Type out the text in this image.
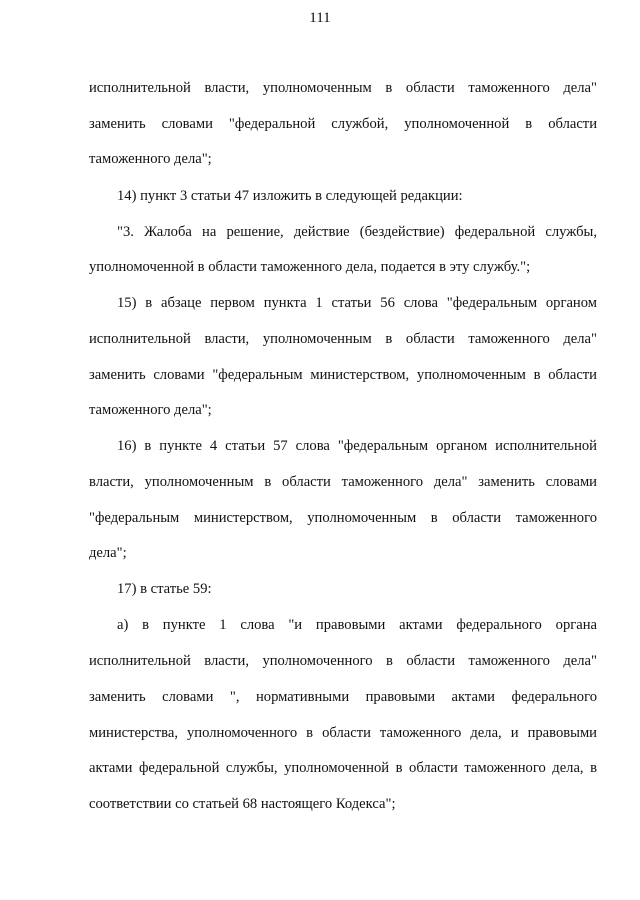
111
исполнительной власти, уполномоченным в области таможенного дела"
заменить словами "федеральной службой, уполномоченной в области
таможенного дела";
14) пункт 3 статьи 47 изложить в следующей редакции:
"3. Жалоба на решение, действие (бездействие) федеральной службы,
уполномоченной в области таможенного дела, подается в эту службу.";
15) в абзаце первом пункта 1 статьи 56 слова "федеральным органом
исполнительной власти, уполномоченным в области таможенного дела"
заменить словами "федеральным министерством, уполномоченным в области
таможенного дела";
16) в пункте 4 статьи 57 слова "федеральным органом исполнительной
власти, уполномоченным в области таможенного дела" заменить словами
"федеральным министерством, уполномоченным в области таможенного
дела";
17) в статье 59:
а) в пункте 1 слова "и правовыми актами федерального органа
исполнительной власти, уполномоченного в области таможенного дела"
заменить словами ", нормативными правовыми актами федерального
министерства, уполномоченного в области таможенного дела, и правовыми
актами федеральной службы, уполномоченной в области таможенного дела, в
соответствии со статьей 68 настоящего Кодекса";
